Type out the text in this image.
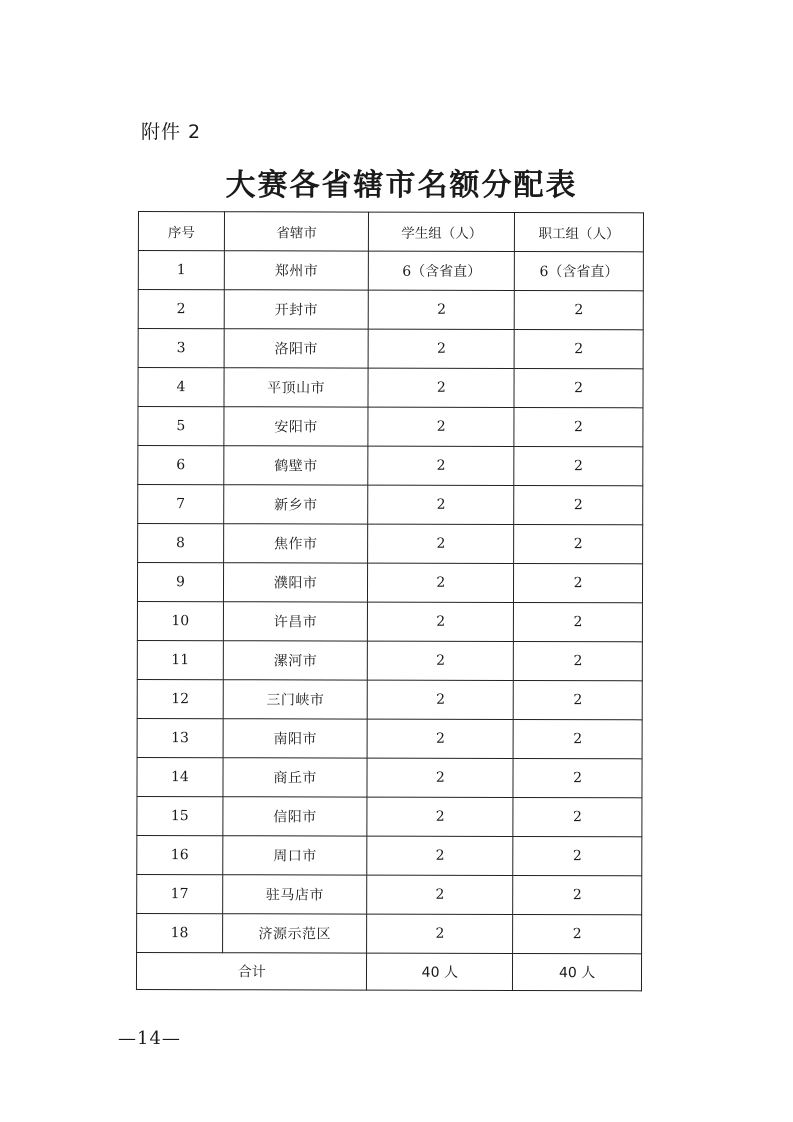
附件 2
大赛各省辖市名额分配表
序号	省辖市	学生组（人）	职工组（人）
1	郑州市	6（含省直）	6（含省直）
2	开封市	2	2
3	洛阳市	2	2
4	平顶山市	2	2
5	安阳市	2	2
6	鹤壁市	2	2
7	新乡市	2	2
8	焦作市	2	2
9	濮阳市	2	2
10	许昌市	2	2
11	漯河市	2	2
12	三门峡市	2	2
13	南阳市	2	2
14	商丘市	2	2
15	信阳市	2	2
16	周口市	2	2
17	驻马店市	2	2
18	济源示范区	2	2
合计		40 人	40 人
—14—
